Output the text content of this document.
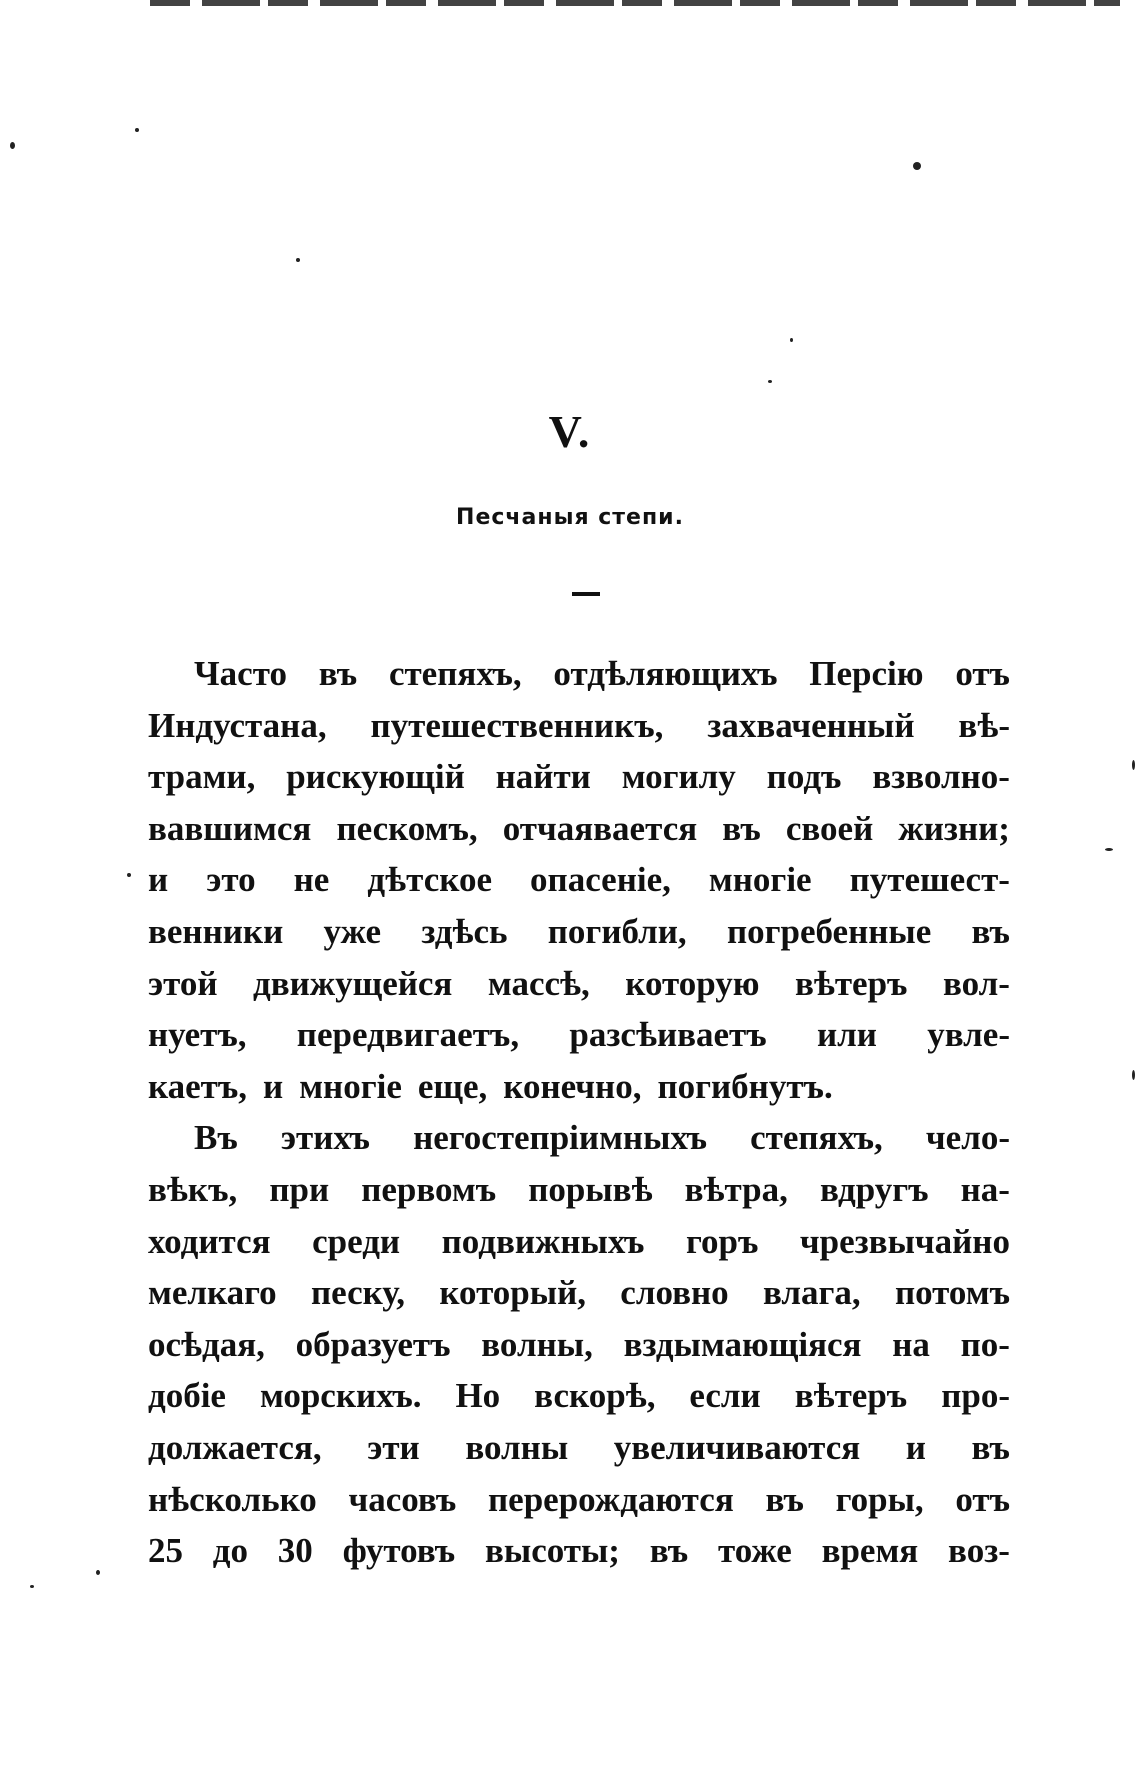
V.
Песчаныя степи.
Часто въ степяхъ, отдѣляющихъ Персію отъ
Индустана, путешественникъ, захваченный вѣ-
трами, рискующій найти могилу подъ взволно-
вавшимся пескомъ, отчаявается въ своей жизни;
и это не дѣтское опасеніе, многіе путешест-
венники уже здѣсь погибли, погребенные въ
этой движущейся массѣ, которую вѣтеръ вол-
нуетъ, передвигаетъ, разсѣиваетъ или увле-
каетъ, и многіе еще, конечно, погибнутъ.
Въ этихъ негостепріимныхъ степяхъ, чело-
вѣкъ, при первомъ порывѣ вѣтра, вдругъ на-
ходится среди подвижныхъ горъ чрезвычайно
мелкаго песку, который, словно влага, потомъ
осѣдая, образуетъ волны, вздымающіяся на по-
добіе морскихъ. Но вскорѣ, если вѣтеръ про-
должается, эти волны увеличиваются и въ
нѣсколько часовъ перерождаются въ горы, отъ
25 до 30 футовъ высоты; въ тоже время воз-
